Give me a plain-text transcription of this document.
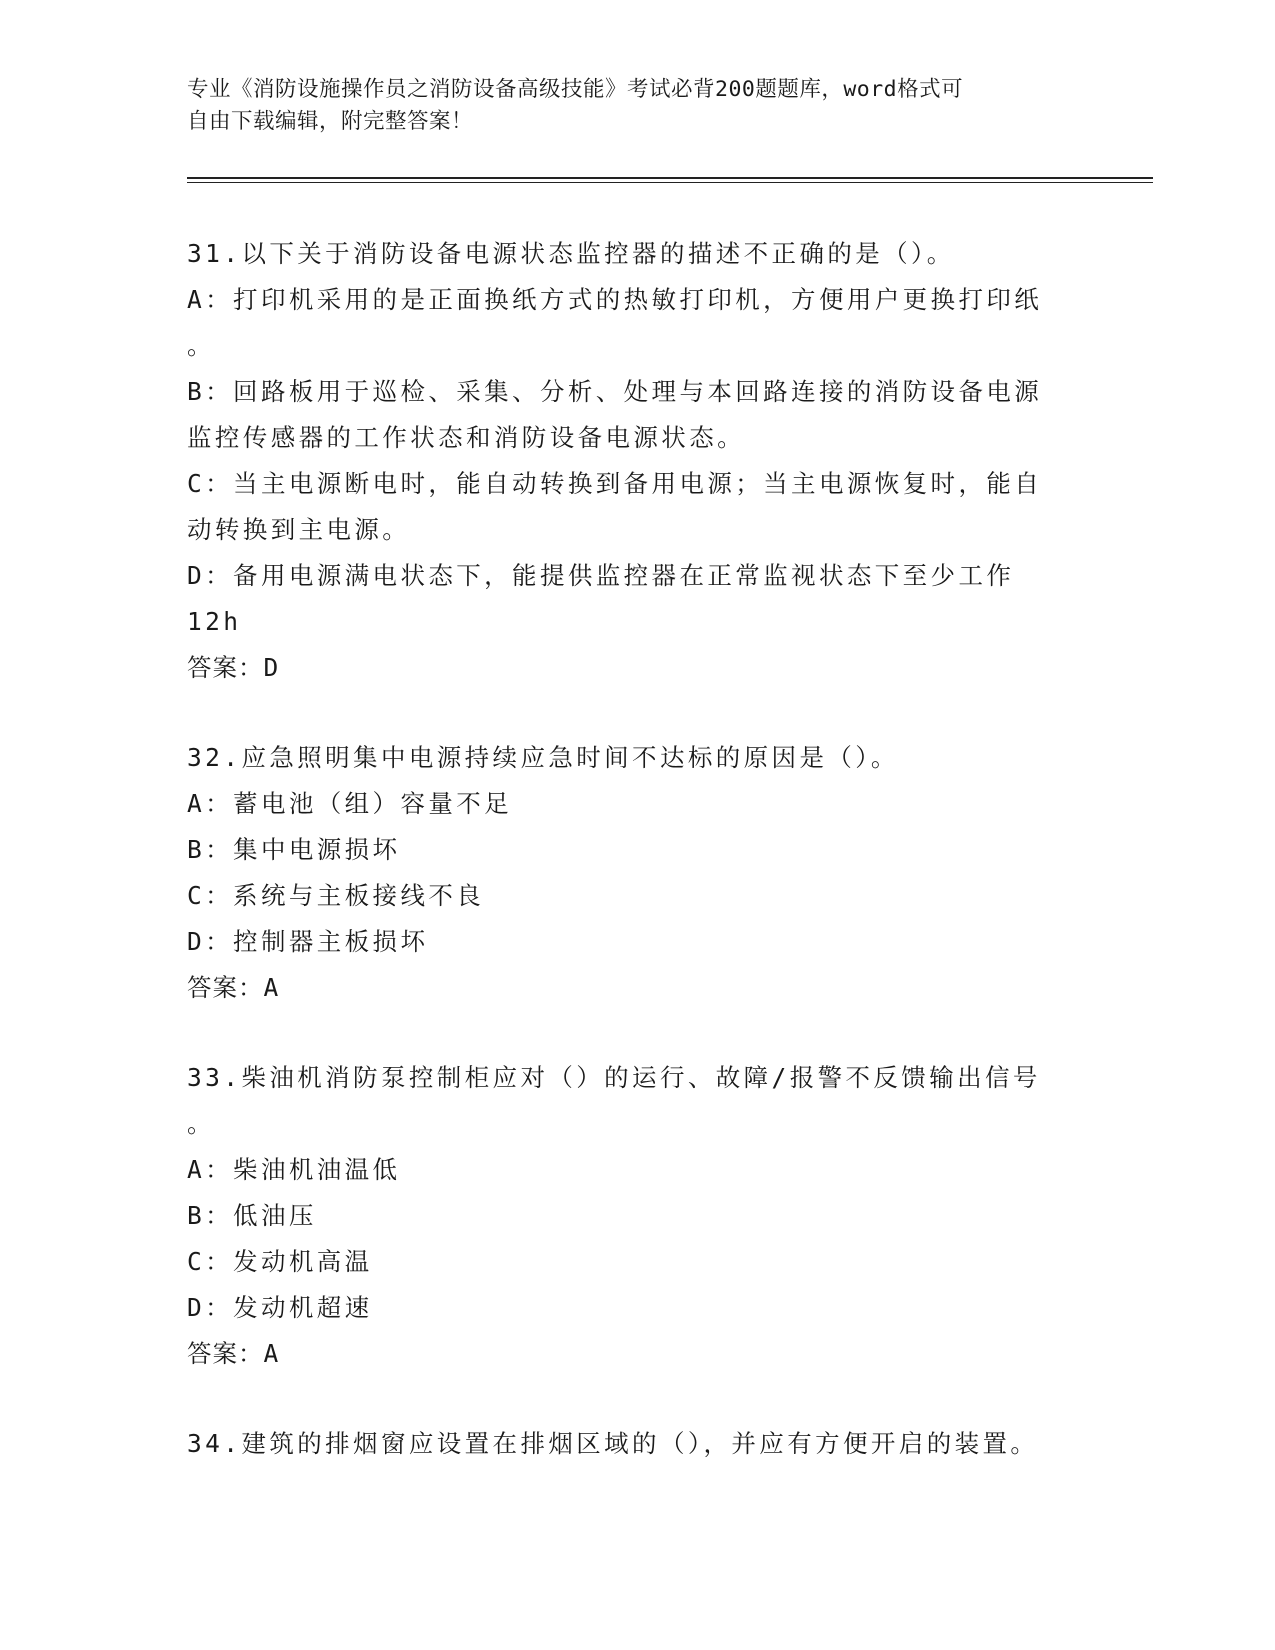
专业《消防设施操作员之消防设备高级技能》考试必背200题题库，word格式可
自由下载编辑，附完整答案！
31.以下关于消防设备电源状态监控器的描述不正确的是（）。
A：打印机采用的是正面换纸方式的热敏打印机，方便用户更换打印纸
。
B：回路板用于巡检、采集、分析、处理与本回路连接的消防设备电源
监控传感器的工作状态和消防设备电源状态。
C：当主电源断电时，能自动转换到备用电源；当主电源恢复时，能自
动转换到主电源。
D：备用电源满电状态下，能提供监控器在正常监视状态下至少工作
12h
答案：D
32.应急照明集中电源持续应急时间不达标的原因是（）。
A：蓄电池（组）容量不足
B：集中电源损坏
C：系统与主板接线不良
D：控制器主板损坏
答案：A
33.柴油机消防泵控制柜应对（）的运行、故障/报警不反馈输出信号
。
A：柴油机油温低
B：低油压
C：发动机高温
D：发动机超速
答案：A
34.建筑的排烟窗应设置在排烟区域的（），并应有方便开启的装置。
